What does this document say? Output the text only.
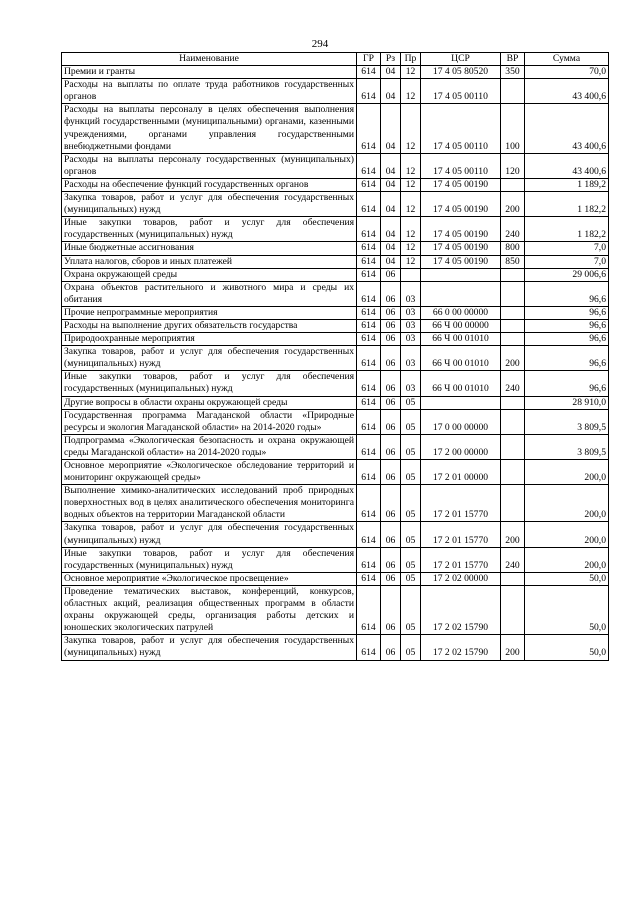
294
Наименование	ГР	Рз	Пр	ЦСР	ВР	Сумма
Премии и гранты	614	04	12	17 4 05 80520	350	70,0
Расходы на выплаты по оплате труда работников государственных органов	614	04	12	17 4 05 00110		43 400,6
Расходы на выплаты персоналу в целях обеспечения выполнения функций государственными (муниципальными) органами, казенными учреждениями, органами управления государственными внебюджетными фондами	614	04	12	17 4 05 00110	100	43 400,6
Расходы на выплаты персоналу государственных (муниципальных) органов	614	04	12	17 4 05 00110	120	43 400,6
Расходы на обеспечение функций государственных органов	614	04	12	17 4 05 00190		1 189,2
Закупка товаров, работ и услуг для обеспечения государственных (муниципальных) нужд	614	04	12	17 4 05 00190	200	1 182,2
Иные закупки товаров, работ и услуг для обеспечения государственных (муниципальных) нужд	614	04	12	17 4 05 00190	240	1 182,2
Иные бюджетные ассигнования	614	04	12	17 4 05 00190	800	7,0
Уплата налогов, сборов и иных платежей	614	04	12	17 4 05 00190	850	7,0
Охрана окружающей среды	614	06				29 006,6
Охрана объектов растительного и животного мира и среды их обитания	614	06	03			96,6
Прочие непрограммные мероприятия	614	06	03	66 0 00 00000		96,6
Расходы на выполнение других обязательств государства	614	06	03	66 Ч 00 00000		96,6
Природоохранные мероприятия	614	06	03	66 Ч 00 01010		96,6
Закупка товаров, работ и услуг для обеспечения государственных (муниципальных) нужд	614	06	03	66 Ч 00 01010	200	96,6
Иные закупки товаров, работ и услуг для обеспечения государственных (муниципальных) нужд	614	06	03	66 Ч 00 01010	240	96,6
Другие вопросы в области охраны окружающей среды	614	06	05			28 910,0
Государственная программа Магаданской области «Природные ресурсы и экология Магаданской области» на 2014-2020 годы»	614	06	05	17 0 00 00000		3 809,5
Подпрограмма «Экологическая безопасность и охрана окружающей среды Магаданской области» на 2014-2020 годы»	614	06	05	17 2 00 00000		3 809,5
Основное мероприятие «Экологическое обследование территорий и мониторинг окружающей среды»	614	06	05	17 2 01 00000		200,0
Выполнение химико-аналитических исследований проб природных поверхностных вод в целях аналитического обеспечения мониторинга водных объектов на территории Магаданской области	614	06	05	17 2 01 15770		200,0
Закупка товаров, работ и услуг для обеспечения государственных (муниципальных) нужд	614	06	05	17 2 01 15770	200	200,0
Иные закупки товаров, работ и услуг для обеспечения государственных (муниципальных) нужд	614	06	05	17 2 01 15770	240	200,0
Основное мероприятие «Экологическое просвещение»	614	06	05	17 2 02 00000		50,0
Проведение тематических выставок, конференций, конкурсов, областных акций, реализация общественных программ в области охраны окружающей среды, организация работы детских и юношеских экологических патрулей	614	06	05	17 2 02 15790		50,0
Закупка товаров, работ и услуг для обеспечения государственных (муниципальных) нужд	614	06	05	17 2 02 15790	200	50,0
